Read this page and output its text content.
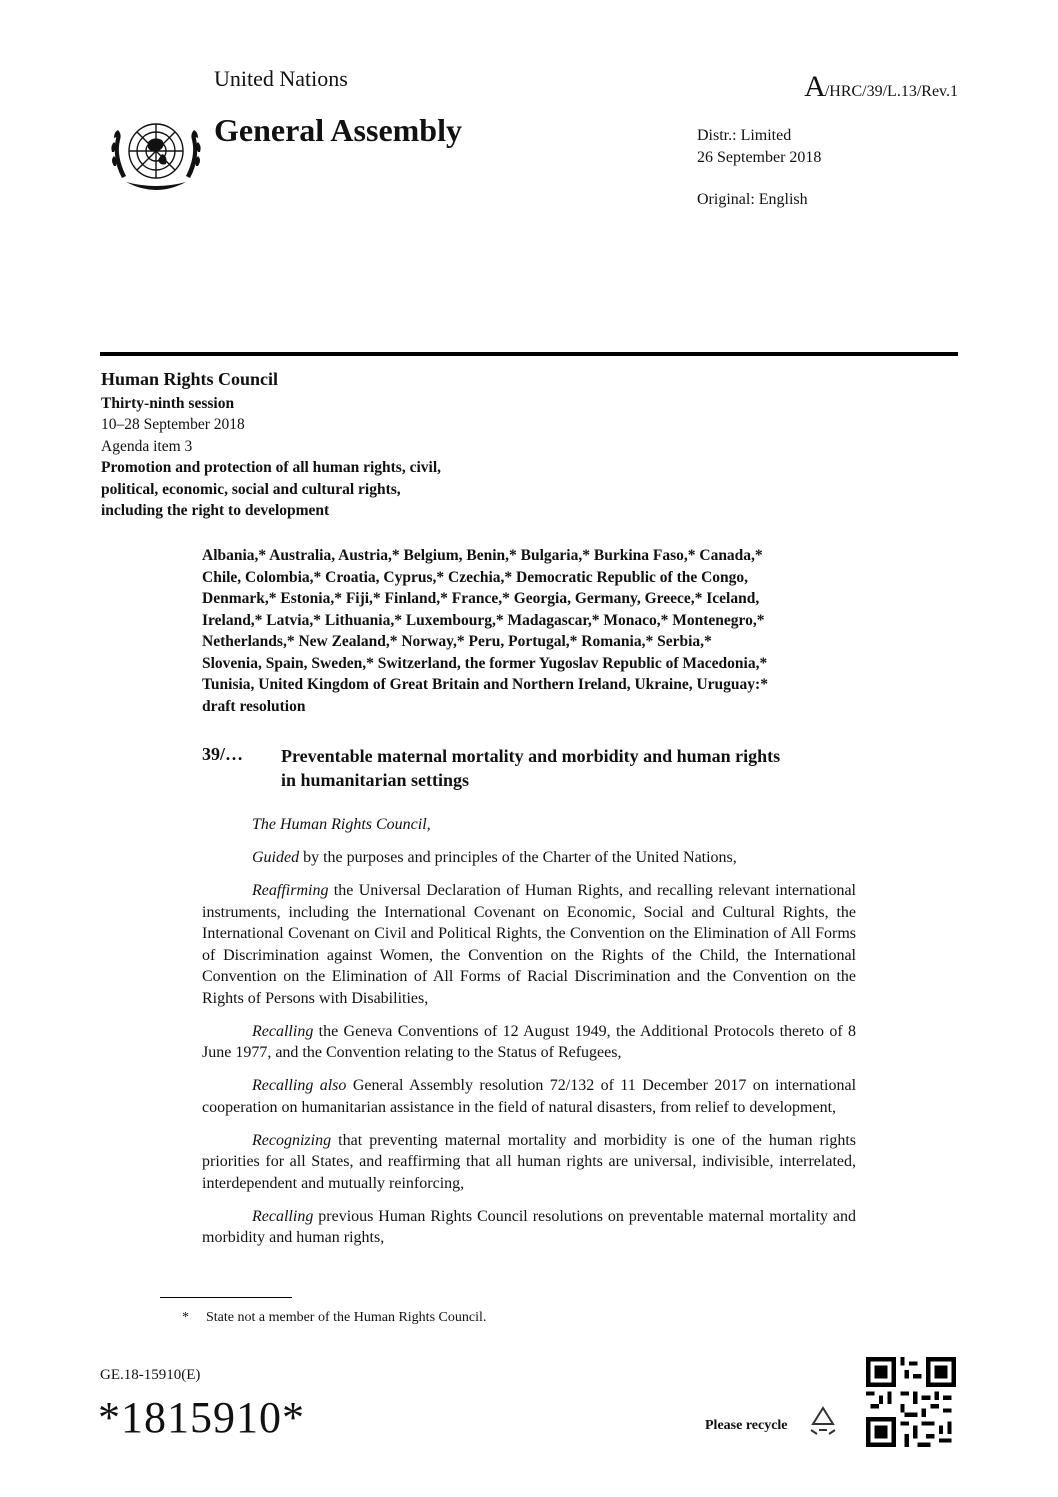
United Nations	A/HRC/39/L.13/Rev.1
General Assembly	Distr.: Limited
26 September 2018
Original: English
Human Rights Council
Thirty-ninth session
10–28 September 2018
Agenda item 3
Promotion and protection of all human rights, civil,
political, economic, social and cultural rights,
including the right to development
Albania,* Australia, Austria,* Belgium, Benin,* Bulgaria,* Burkina Faso,* Canada,*
Chile, Colombia,* Croatia, Cyprus,* Czechia,* Democratic Republic of the Congo,
Denmark,* Estonia,* Fiji,* Finland,* France,* Georgia, Germany, Greece,* Iceland,
Ireland,* Latvia,* Lithuania,* Luxembourg,* Madagascar,* Monaco,* Montenegro,*
Netherlands,* New Zealand,* Norway,* Peru, Portugal,* Romania,* Serbia,*
Slovenia, Spain, Sweden,* Switzerland, the former Yugoslav Republic of Macedonia,*
Tunisia, United Kingdom of Great Britain and Northern Ireland, Ukraine, Uruguay:*
draft resolution
39/… Preventable maternal mortality and morbidity and human rights
in humanitarian settings

The Human Rights Council,

Guided by the purposes and principles of the Charter of the United Nations,

Reaffirming the Universal Declaration of Human Rights, and recalling relevant international instruments, including the International Covenant on Economic, Social and Cultural Rights, the International Covenant on Civil and Political Rights, the Convention on the Elimination of All Forms of Discrimination against Women, the Convention on the Rights of the Child, the International Convention on the Elimination of All Forms of Racial Discrimination and the Convention on the Rights of Persons with Disabilities,

Recalling the Geneva Conventions of 12 August 1949, the Additional Protocols thereto of 8 June 1977, and the Convention relating to the Status of Refugees,

Recalling also General Assembly resolution 72/132 of 11 December 2017 on international cooperation on humanitarian assistance in the field of natural disasters, from relief to development,

Recognizing that preventing maternal mortality and morbidity is one of the human rights priorities for all States, and reaffirming that all human rights are universal, indivisible, interrelated, interdependent and mutually reinforcing,

Recalling previous Human Rights Council resolutions on preventable maternal mortality and morbidity and human rights,

* State not a member of the Human Rights Council.
GE.18-15910(E)
*1815910*	Please recycle
